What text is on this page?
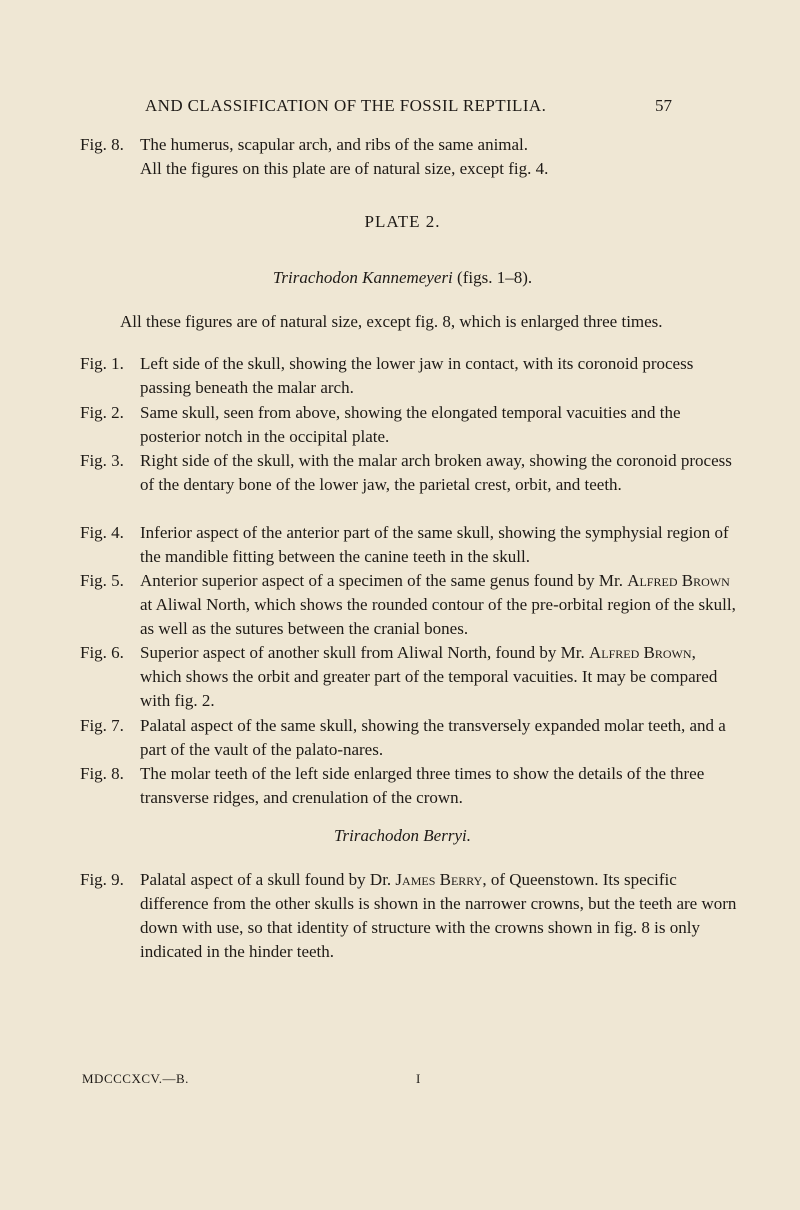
AND CLASSIFICATION OF THE FOSSIL REPTILIA.	57
Fig. 8. The humerus, scapular arch, and ribs of the same animal.
All the figures on this plate are of natural size, except fig. 4.
PLATE 2.
Trirachodon Kannemeyeri (figs. 1–8).
All these figures are of natural size, except fig. 8, which is enlarged three times.
Fig. 1. Left side of the skull, showing the lower jaw in contact, with its coronoid process passing beneath the malar arch.
Fig. 2. Same skull, seen from above, showing the elongated temporal vacuities and the posterior notch in the occipital plate.
Fig. 3. Right side of the skull, with the malar arch broken away, showing the coronoid process of the dentary bone of the lower jaw, the parietal crest, orbit, and teeth.
Fig. 4. Inferior aspect of the anterior part of the same skull, showing the symphysial region of the mandible fitting between the canine teeth in the skull.
Fig. 5. Anterior superior aspect of a specimen of the same genus found by Mr. Alfred Brown at Aliwal North, which shows the rounded contour of the pre-orbital region of the skull, as well as the sutures between the cranial bones.
Fig. 6. Superior aspect of another skull from Aliwal North, found by Mr. Alfred Brown, which shows the orbit and greater part of the temporal vacuities. It may be compared with fig. 2.
Fig. 7. Palatal aspect of the same skull, showing the transversely expanded molar teeth, and a part of the vault of the palato-nares.
Fig. 8. The molar teeth of the left side enlarged three times to show the details of the three transverse ridges, and crenulation of the crown.
Trirachodon Berryi.
Fig. 9. Palatal aspect of a skull found by Dr. James Berry, of Queenstown. Its specific difference from the other skulls is shown in the narrower crowns, but the teeth are worn down with use, so that identity of structure with the crowns shown in fig. 8 is only indicated in the hinder teeth.
MDCCCXCV.—B.	I
